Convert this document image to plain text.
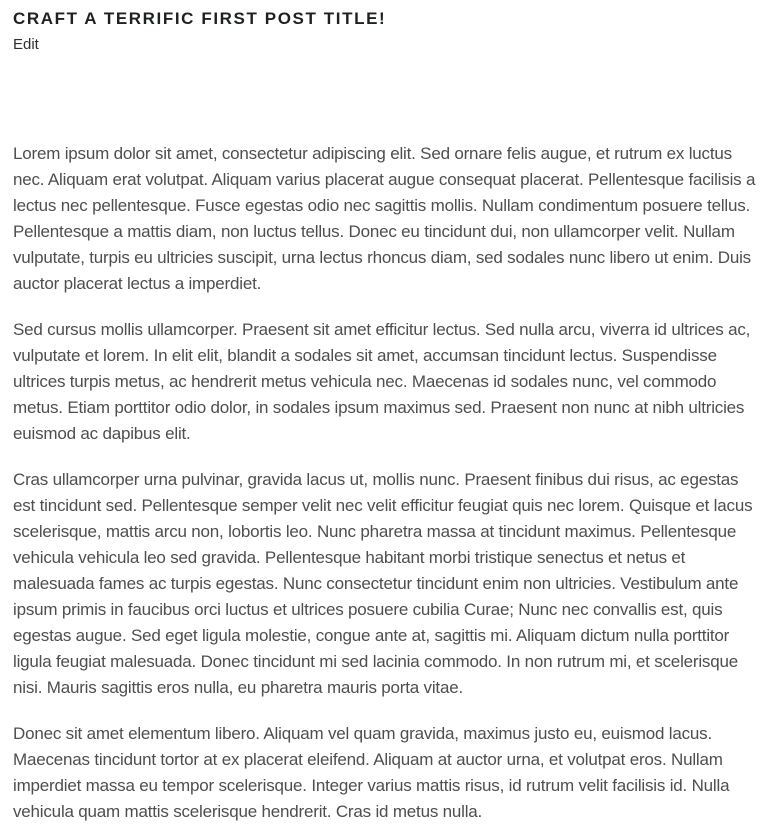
CRAFT A TERRIFIC FIRST POST TITLE!
Edit

Lorem ipsum dolor sit amet, consectetur adipiscing elit. Sed ornare felis augue, et rutrum ex luctus nec. Aliquam erat volutpat. Aliquam varius placerat augue consequat placerat. Pellentesque facilisis a lectus nec pellentesque. Fusce egestas odio nec sagittis mollis. Nullam condimentum posuere tellus. Pellentesque a mattis diam, non luctus tellus. Donec eu tincidunt dui, non ullamcorper velit. Nullam vulputate, turpis eu ultricies suscipit, urna lectus rhoncus diam, sed sodales nunc libero ut enim. Duis auctor placerat lectus a imperdiet.

Sed cursus mollis ullamcorper. Praesent sit amet efficitur lectus. Sed nulla arcu, viverra id ultrices ac, vulputate et lorem. In elit elit, blandit a sodales sit amet, accumsan tincidunt lectus. Suspendisse ultrices turpis metus, ac hendrerit metus vehicula nec. Maecenas id sodales nunc, vel commodo metus. Etiam porttitor odio dolor, in sodales ipsum maximus sed. Praesent non nunc at nibh ultricies euismod ac dapibus elit.

Cras ullamcorper urna pulvinar, gravida lacus ut, mollis nunc. Praesent finibus dui risus, ac egestas est tincidunt sed. Pellentesque semper velit nec velit efficitur feugiat quis nec lorem. Quisque et lacus scelerisque, mattis arcu non, lobortis leo. Nunc pharetra massa at tincidunt maximus. Pellentesque vehicula vehicula leo sed gravida. Pellentesque habitant morbi tristique senectus et netus et malesuada fames ac turpis egestas. Nunc consectetur tincidunt enim non ultricies. Vestibulum ante ipsum primis in faucibus orci luctus et ultrices posuere cubilia Curae; Nunc nec convallis est, quis egestas augue. Sed eget ligula molestie, congue ante at, sagittis mi. Aliquam dictum nulla porttitor ligula feugiat malesuada. Donec tincidunt mi sed lacinia commodo. In non rutrum mi, et scelerisque nisi. Mauris sagittis eros nulla, eu pharetra mauris porta vitae.

Donec sit amet elementum libero. Aliquam vel quam gravida, maximus justo eu, euismod lacus. Maecenas tincidunt tortor at ex placerat eleifend. Aliquam at auctor urna, et volutpat eros. Nullam imperdiet massa eu tempor scelerisque. Integer varius mattis risus, id rutrum velit facilisis id. Nulla vehicula quam mattis scelerisque hendrerit. Cras id metus nulla.
